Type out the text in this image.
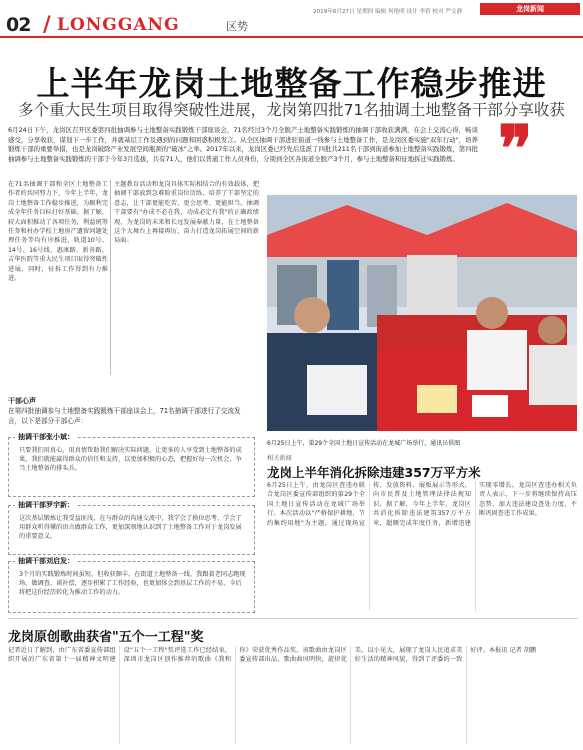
02 / LONGGANG	区势
2019年6月27日 星期四 编辑 何艳明 设计 李蓓 校对 严文静	龙岗新闻
上半年龙岗土地整备工作稳步推进
多个重大民生项目取得突破性进展，龙岗第四批71名抽调土地整备干部分享收获
6月24日下午，龙岗区召开区委第四批抽调参与土地整备实践锻炼干部座谈会，71名经过3个月全脱产土地整备实践锻炼的抽调干部收获满满，在会上交流心得，畅谈感受，分享收获，谋划下一步工作，并就基层工作及遇到的问题和困惑积极发言。从全区抽调干部进驻街道一线参与土地整备工作，是龙岗区委实施"双年行动"，培养锻炼干部的重要举措，也是龙岗破除产业发展空间瓶颈的"破冰"之举。2017年以来，龙岗区委已经先后选派了四批共211名干部到街道参加土地整备实践锻炼，第四批抽调参与土地整备实践锻炼的干部于今年3月选拔，共有71人，他们以普通工作人员身份，分别到全区各街道全脱产3个月，参与土地整备和征地拆迁实践锻炼。 ❞
在71名抽调干部和全区土地整备工作者的共同努力下，今年上半年，龙岗土地整备工作稳步推进，为顺利完成全年任务目标打好基础。据了解，较大面积推动了各项任务，利益统筹任务和村办学校土地房产遗留问题处理任务等均有序推进，轨道10号、14号、16号线，惠康路、新善路、吉华医院等重大民生项目取得突破性进展，同时，征拆工作得到有力推进。
主题教育活动和龙岗具体实际相结合的有效载体，把抽调干部放到急难险重岗位历练，培养了干部坚定的意志，让干部更能吃苦、更会思考、更能担当。抽调干部要有"办成不必在我，功成必定有我"的正确政绩观，为龙岗的未来和长远发展奉献力量，在土地整备这个大舞台上再接再厉，奋力打造龙岗拓展空间的新局面。
6月25日上午，第29个全国土地日宣传活动在龙城广场举行，通讯员供图
干部心声
在第四批抽调参与土地整备实践锻炼干部座谈会上，71名抽调干部进行了交流发言，以下是部分干部心声：
抽调干部张小斌：
只要我们用真心，用真情帮助我们解决实际问题，让更多的人享受到土地整备的成果，我们就能赢得群众的信任和支持，以更加积极的心态，把握好每一次机会，争当土地整备的排头兵。
抽调干部罗宇新：
这次基层锻炼让我受益匪浅，在与群众的沟通交流中，我学会了换位思考，学会了用群众听得懂的语言做群众工作，更加深刻地认识到了土地整备工作对于龙岗发展的重要意义。
抽调干部刘启发：
3个月的实践锻炼时间虽短，但收获颇丰。在街道土地整备一线，我跟着老同志跑现场、做调查、谈补偿，逐步积累了工作经验，也更加体会到基层工作的不易，今后将把这份经历转化为推动工作的动力。
相关新闻
龙岗上半年消化拆除违建357万平方米
6月25日上午，由龙岗区查违办联合龙岗区委宣传部组织的第29个全国土地日宣传活动在龙城广场举行。本次活动以"严格保护耕地，节约集约用地"为主题，通过现场宣传、发放资料、展板展示等形式，向市民普及土地管理法律法规知识。据了解，今年上半年，龙岗区共消化拆除违法建筑357万平方米，超额完成年度任务，新增违建实现零增长。龙岗区查违办相关负责人表示，下一步将继续保持高压态势，加大违法建设查处力度，不断巩固查违工作成果。
龙岗原创歌曲获省"五个一工程"奖
记者近日了解到，由广东省委宣传部组织开展的广东省第十一届精神文明建设"五个一工程"奖评选工作已经结束，深圳市龙岗区创作推荐的歌曲《我和你》荣获优秀作品奖。该歌曲由龙岗区委宣传部出品，歌曲曲风明快，旋律优美，以小见大，展现了龙岗人民追求美好生活的精神风貌，得到了评委的一致好评。本报讯 记者 胡鹏
